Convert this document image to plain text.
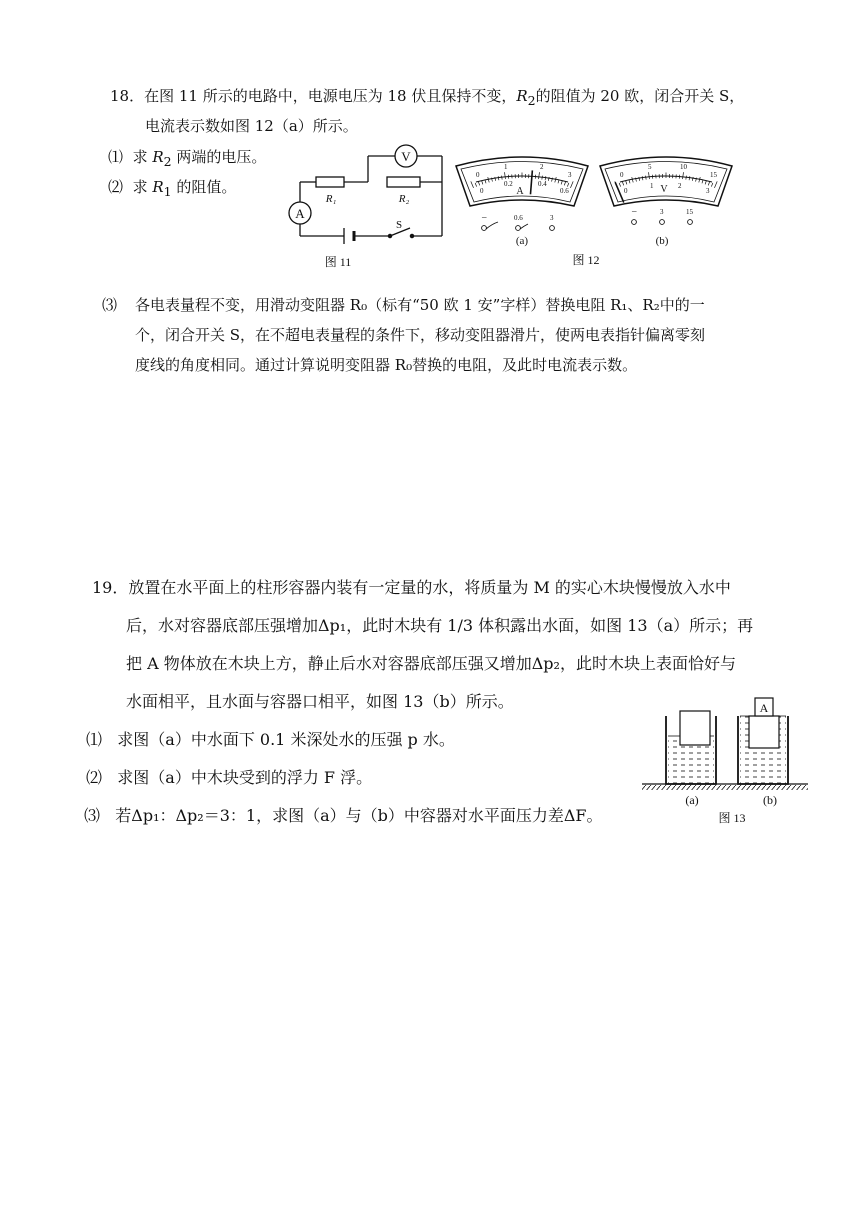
18．在图 11 所示的电路中，电源电压为 18 伏且保持不变，$R_2$的阻值为 20 欧，闭合开关 S，
电流表示数如图 12（a）所示。
⑴ 求 $R_2$ 两端的电压。
⑵ 求 $R_1$ 的阻值。
A
V
R₁	R₂
S
图 11
0
1	2
3
0
0.2	0.4
0.6
A
–	0.6	3
(a)
0
5	10
15
0
1	2
3
V
–	3	15
(b)
图 12
⑶ 各电表量程不变，用滑动变阻器 R₀（标有“50 欧 1 安”字样）替换电阻 R₁、R₂中的一
个，闭合开关 S，在不超电表量程的条件下，移动变阻器滑片，使两电表指针偏离零刻
度线的角度相同。通过计算说明变阻器 R₀替换的电阻，及此时电流表示数。
19．放置在水平面上的柱形容器内装有一定量的水，将质量为 M 的实心木块慢慢放入水中
后，水对容器底部压强增加Δp₁，此时木块有 1/3 体积露出水面，如图 13（a）所示；再
把 A 物体放在木块上方，静止后水对容器底部压强又增加Δp₂，此时木块上表面恰好与
水面相平，且水面与容器口相平，如图 13（b）所示。
⑴ 求图（a）中水面下 0.1 米深处水的压强 p 水。
⑵ 求图（a）中木块受到的浮力 F 浮。
⑶ 若Δp₁：Δp₂＝3：1，求图（a）与（b）中容器对水平面压力差ΔF。
A
(a)	(b)
图 13
